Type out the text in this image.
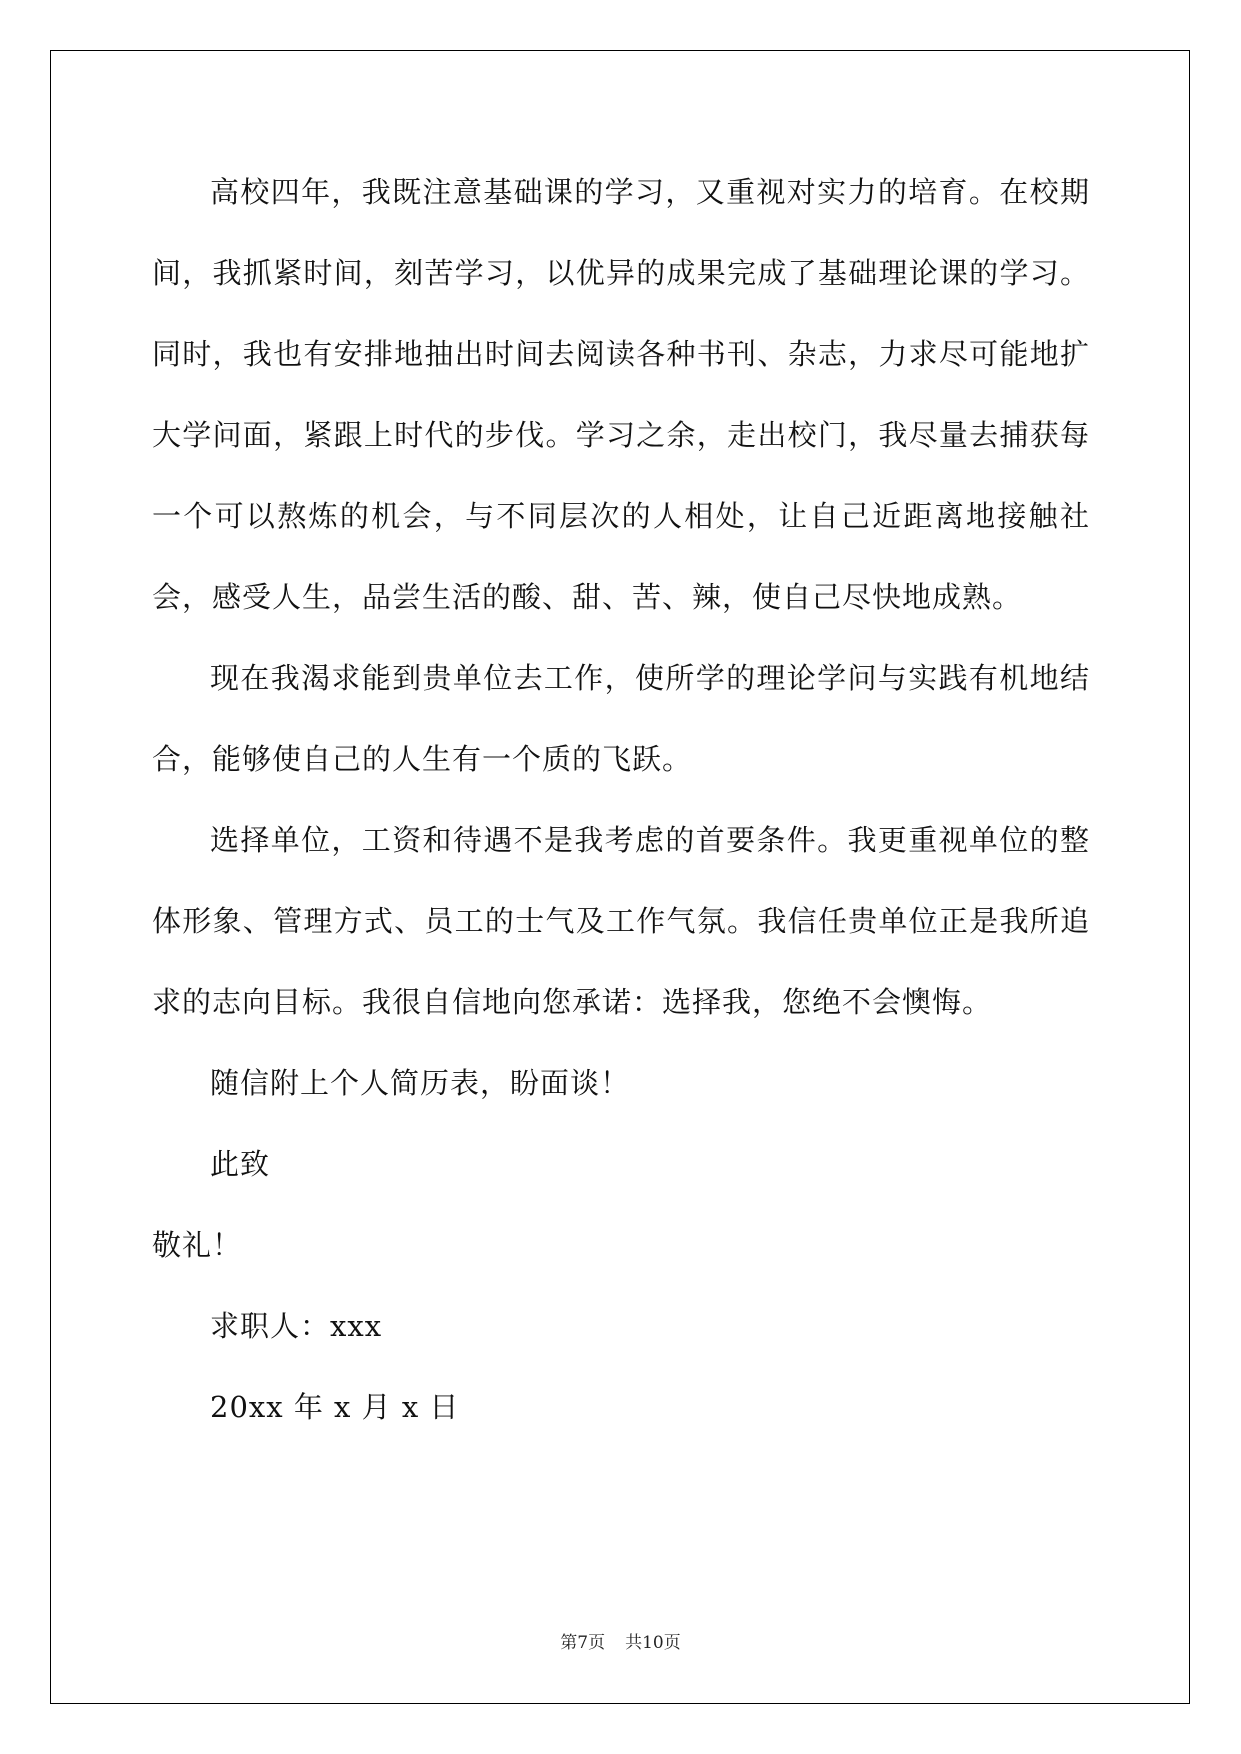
高校四年，我既注意基础课的学习，又重视对实力的培育。在校期间，我抓紧时间，刻苦学习，以优异的成果完成了基础理论课的学习。同时，我也有安排地抽出时间去阅读各种书刊、杂志，力求尽可能地扩大学问面，紧跟上时代的步伐。学习之余，走出校门，我尽量去捕获每一个可以熬炼的机会，与不同层次的人相处，让自己近距离地接触社会，感受人生，品尝生活的酸、甜、苦、辣，使自己尽快地成熟。

现在我渴求能到贵单位去工作，使所学的理论学问与实践有机地结合，能够使自己的人生有一个质的飞跃。

选择单位，工资和待遇不是我考虑的首要条件。我更重视单位的整体形象、管理方式、员工的士气及工作气氛。我信任贵单位正是我所追求的志向目标。我很自信地向您承诺：选择我，您绝不会懊悔。

随信附上个人简历表，盼面谈！

此致

敬礼！

求职人：xxx

20xx 年 x 月 x 日

第7页 共10页
